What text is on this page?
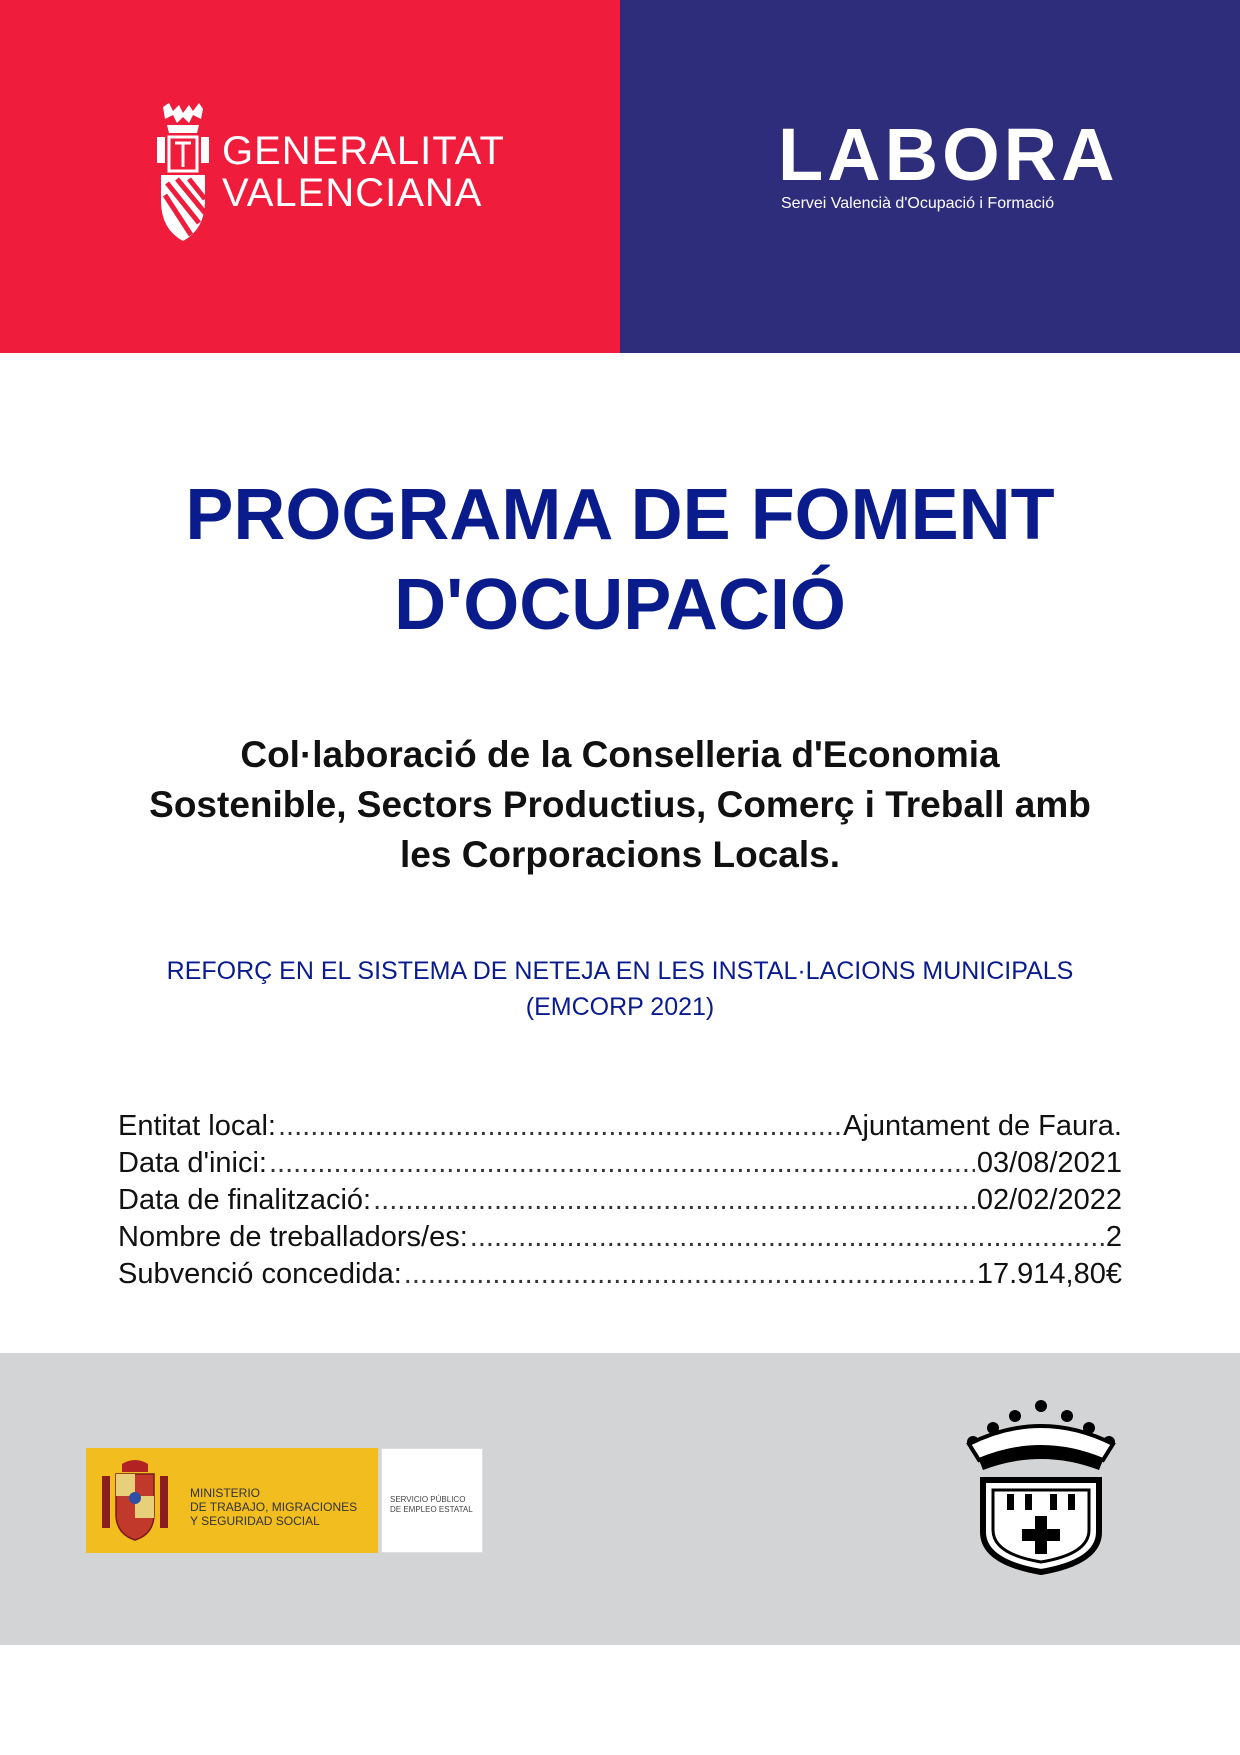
GENERALITAT
VALENCIANA	LABORA
Servei Valencià d'Ocupació i Formació
PROGRAMA DE FOMENT
D'OCUPACIÓ
Col·laboració de la Conselleria d'Economia
Sostenible, Sectors Productius, Comerç i Treball amb
les Corporacions Locals.
REFORÇ EN EL SISTEMA DE NETEJA EN LES INSTAL·LACIONS MUNICIPALS
(EMCORP 2021)
Entitat local: .....	Ajuntament de Faura.
Data d'inici: .....	03/08/2021
Data de finalització: .....	02/02/2022
Nombre de treballadors/es: .....	2
Subvenció concedida: .....	17.914,80€
MINISTERIO
DE TRABAJO, MIGRACIONES
Y SEGURIDAD SOCIAL
SERVICIO PÚBLICO
DE EMPLEO ESTATAL
